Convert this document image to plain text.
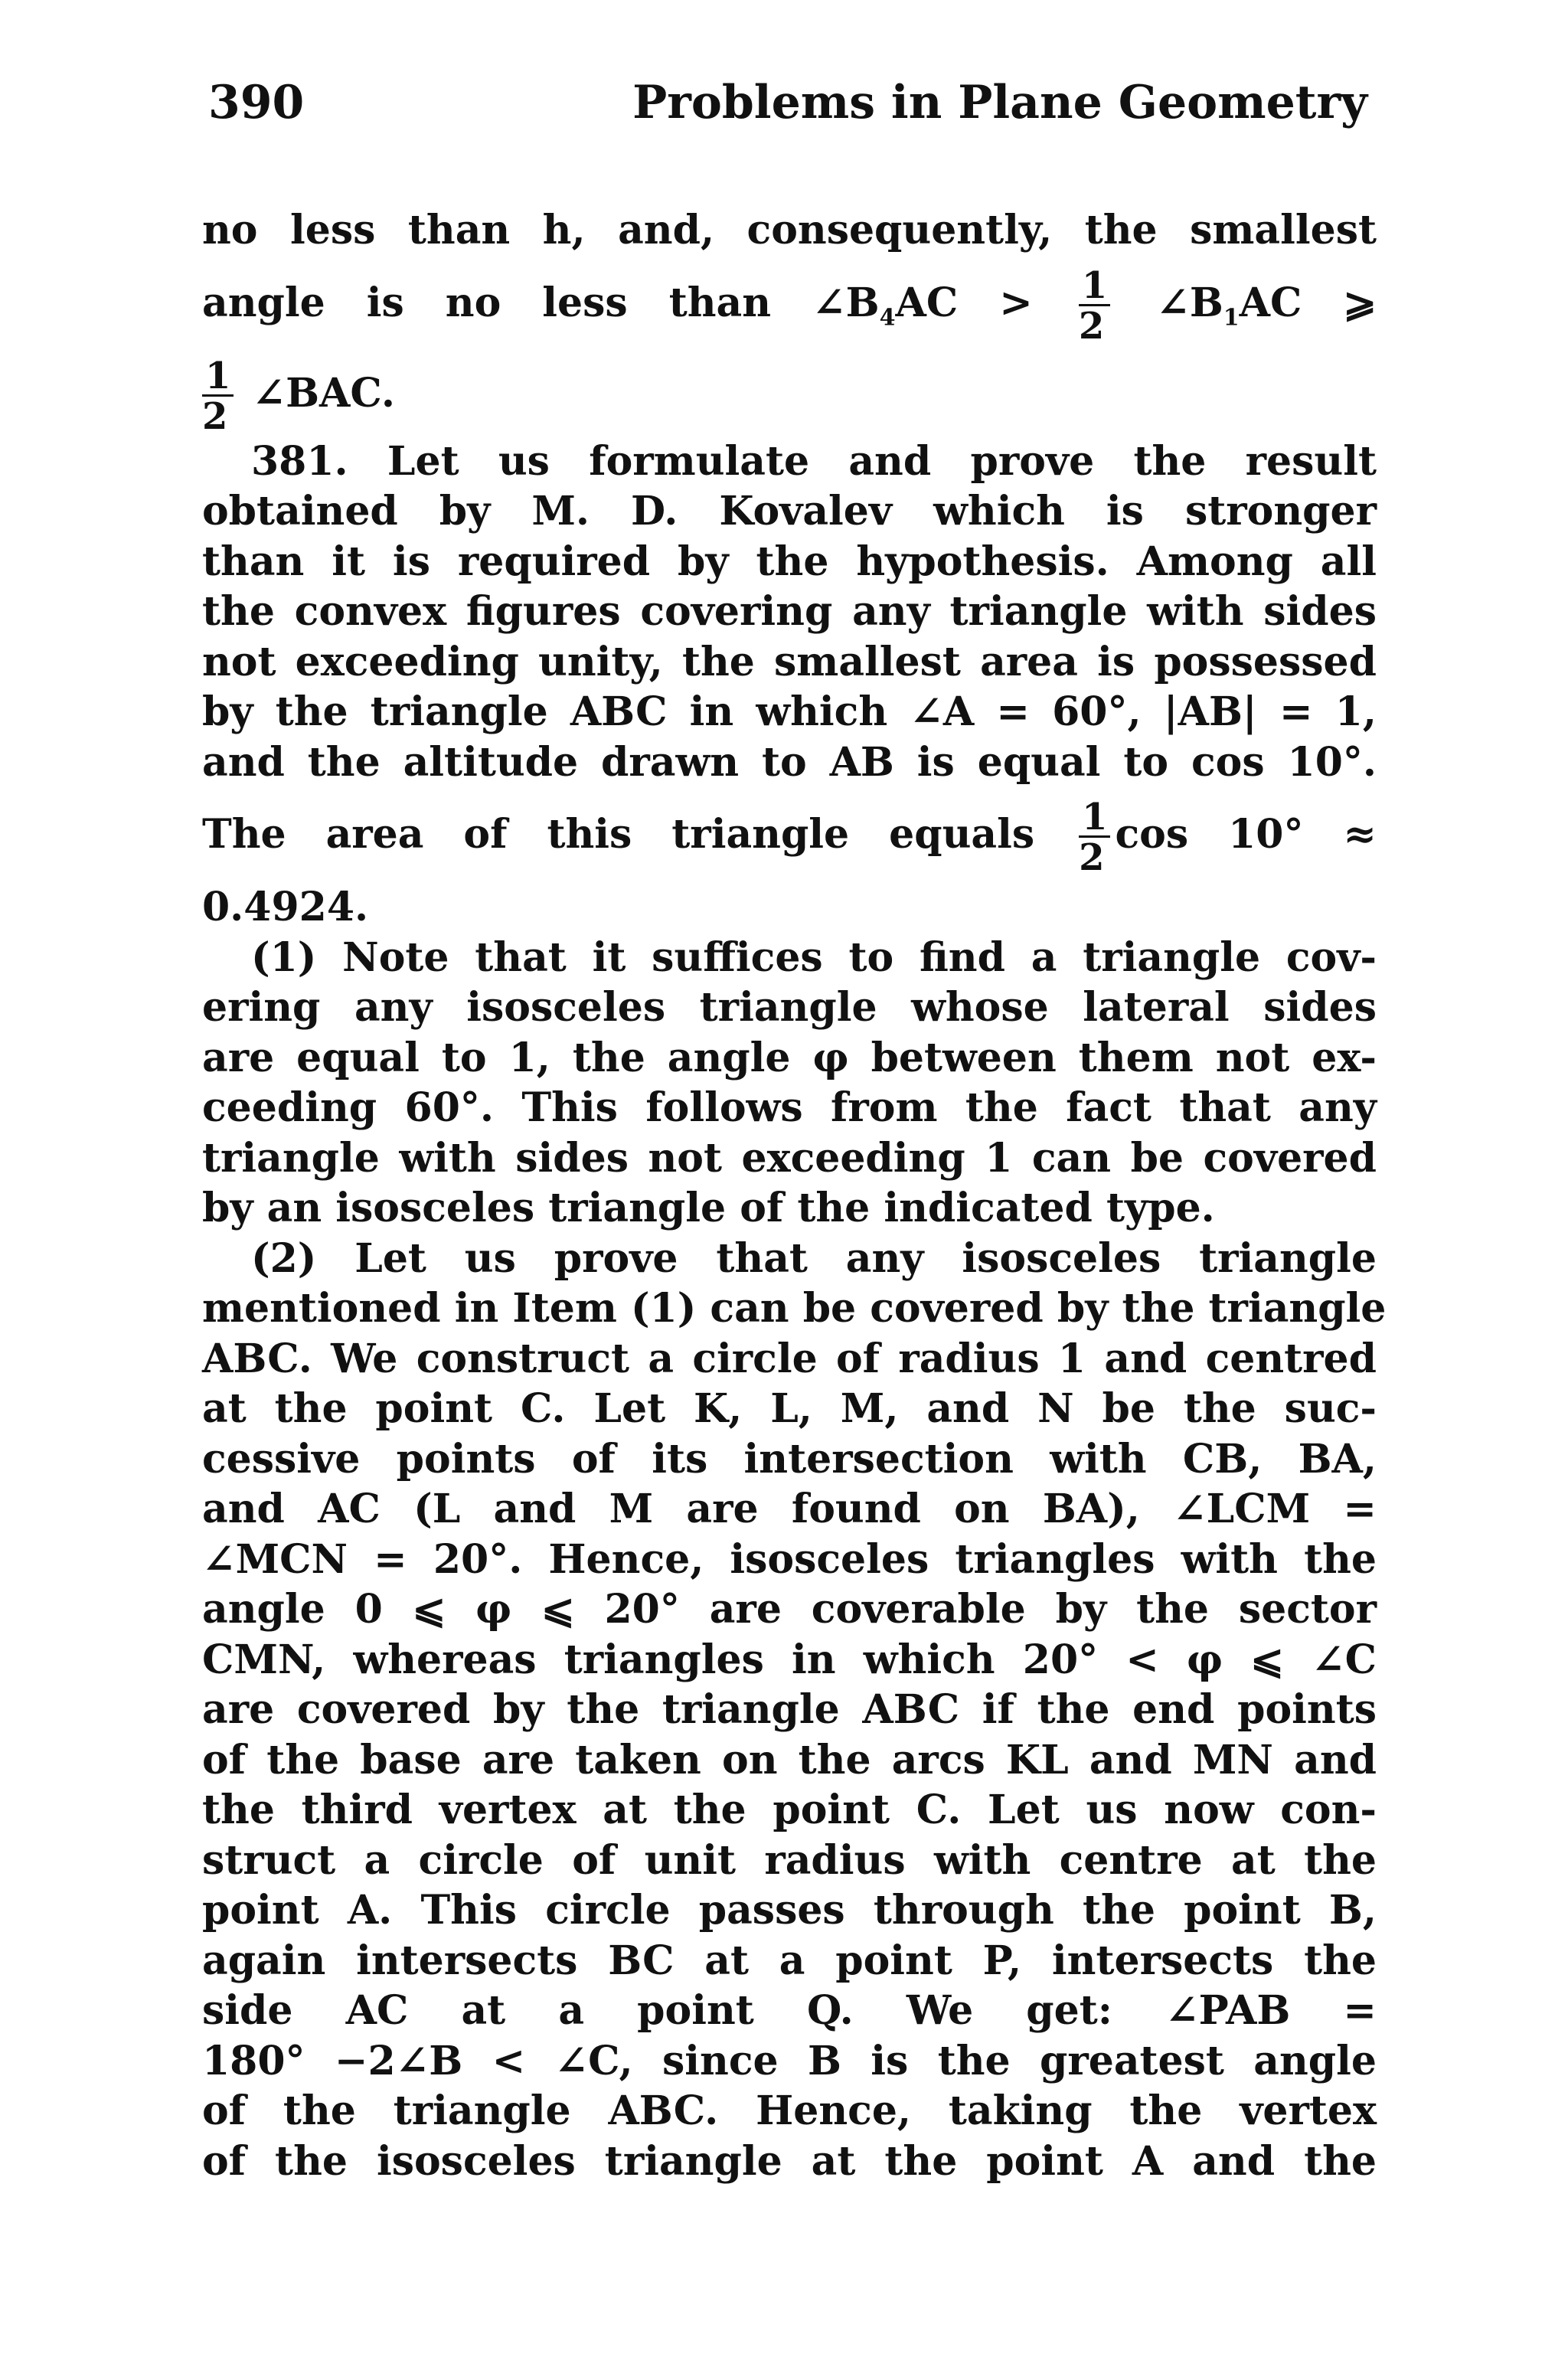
390	Problems in Plane Geometry
no less than h, and, consequently, the smallest
angle is no less than $\angle B_4AC > \frac{1}{2}$ $\angle B_1AC$ ⩾
$\frac{1}{2}$ ∠BAC.
381. Let us formulate and prove the result
obtained by M. D. Kovalev which is stronger
than it is required by the hypothesis. Among all
the convex figures covering any triangle with sides
not exceeding unity, the smallest area is possessed
by the triangle ABC in which ∠A = 60°, |AB| = 1,
and the altitude drawn to AB is equal to cos 10°.
The area of this triangle equals $\frac{1}{2}$ cos 10° ≈
0.4924.
(1) Note that it suffices to find a triangle cov-
ering any isosceles triangle whose lateral sides
are equal to 1, the angle φ between them not ex-
ceeding 60°. This follows from the fact that any
triangle with sides not exceeding 1 can be covered
by an isosceles triangle of the indicated type.
(2) Let us prove that any isosceles triangle
mentioned in Item (1) can be covered by the triangle
ABC. We construct a circle of radius 1 and centred
at the point C. Let K, L, M, and N be the suc-
cessive points of its intersection with CB, BA,
and AC (L and M are found on BA), ∠LCM =
∠MCN = 20°. Hence, isosceles triangles with the
angle 0 ⩽ φ ⩽ 20° are coverable by the sector
CMN, whereas triangles in which 20° < φ ⩽ ∠C
are covered by the triangle ABC if the end points
of the base are taken on the arcs KL and MN and
the third vertex at the point C. Let us now con-
struct a circle of unit radius with centre at the
point A. This circle passes through the point B,
again intersects BC at a point P, intersects the
side AC at a point Q. We get: ∠PAB =
180° −2∠B < ∠C, since B is the greatest angle
of the triangle ABC. Hence, taking the vertex
of the isosceles triangle at the point A and the
